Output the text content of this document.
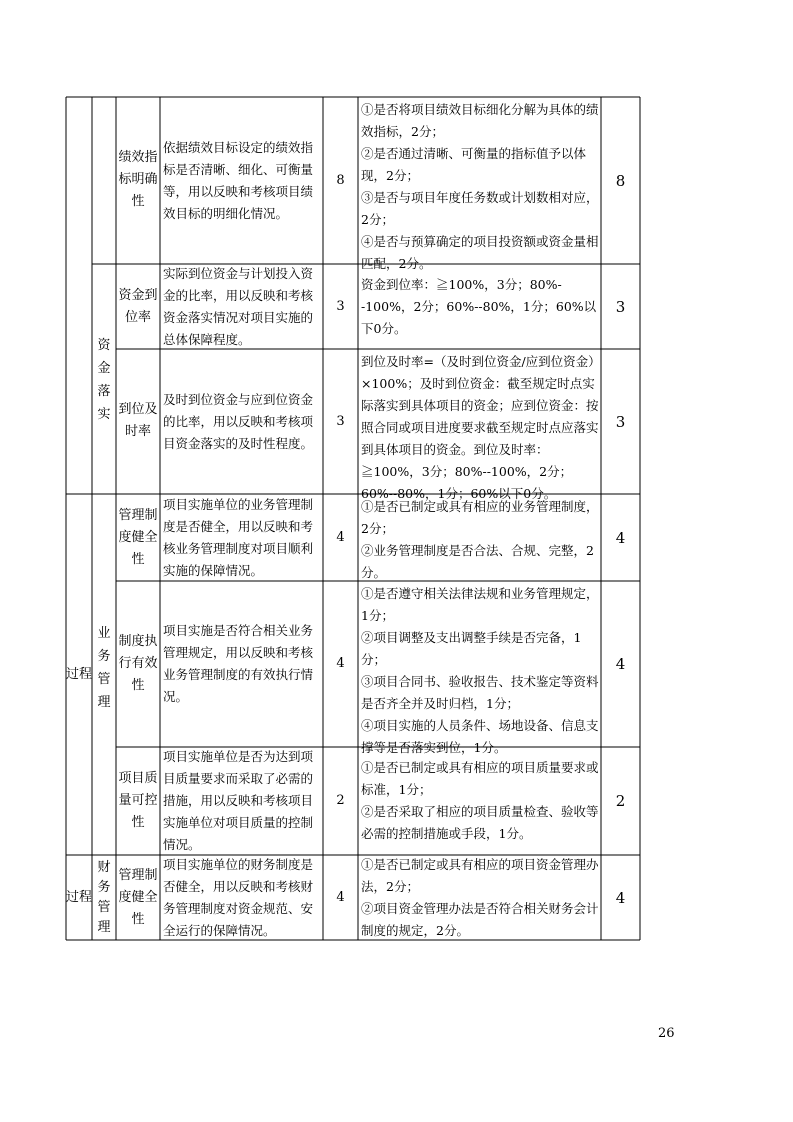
绩效指标明确性
依据绩效目标设定的绩效指标是否清晰、细化、可衡量等，用以反映和考核项目绩效目标的明细化情况。
8
①是否将项目绩效目标细化分解为具体的绩效指标，2分；
②是否通过清晰、可衡量的指标值予以体现，2分；
③是否与项目年度任务数或计划数相对应，2分；
④是否与预算确定的项目投资额或资金量相匹配，2分。
8
资金落实
资金到位率
实际到位资金与计划投入资金的比率，用以反映和考核资金落实情况对项目实施的总体保障程度。
3
资金到位率：≧100%，3分；80%--100%，2分；60%--80%，1分；60%以下0分。
3
到位及时率
及时到位资金与应到位资金的比率，用以反映和考核项目资金落实的及时性程度。
3
到位及时率=（及时到位资金/应到位资金）×100%；及时到位资金：截至规定时点实际落实到具体项目的资金；应到位资金：按照合同或项目进度要求截至规定时点应落实到具体项目的资金。到位及时率：≧100%，3分；80%--100%，2分；60%--80%，1分；60%以下0分。
3
过程
业务管理
管理制度健全性
项目实施单位的业务管理制度是否健全，用以反映和考核业务管理制度对项目顺利实施的保障情况。
4
①是否已制定或具有相应的业务管理制度，2分；
②业务管理制度是否合法、合规、完整，2分。
4
制度执行有效性
项目实施是否符合相关业务管理规定，用以反映和考核业务管理制度的有效执行情况。
4
①是否遵守相关法律法规和业务管理规定，1分；
②项目调整及支出调整手续是否完备，1分；
③项目合同书、验收报告、技术鉴定等资料是否齐全并及时归档，1分；
④项目实施的人员条件、场地设备、信息支撑等是否落实到位，1分。
4
项目质量可控性
项目实施单位是否为达到项目质量要求而采取了必需的措施，用以反映和考核项目实施单位对项目质量的控制情况。
2
①是否已制定或具有相应的项目质量要求或标准，1分；
②是否采取了相应的项目质量检查、验收等必需的控制措施或手段，1分。
2
过程
财务管理
管理制度健全性
项目实施单位的财务制度是否健全，用以反映和考核财务管理制度对资金规范、安全运行的保障情况。
4
①是否已制定或具有相应的项目资金管理办法，2分；
②项目资金管理办法是否符合相关财务会计制度的规定，2分。
4
26
